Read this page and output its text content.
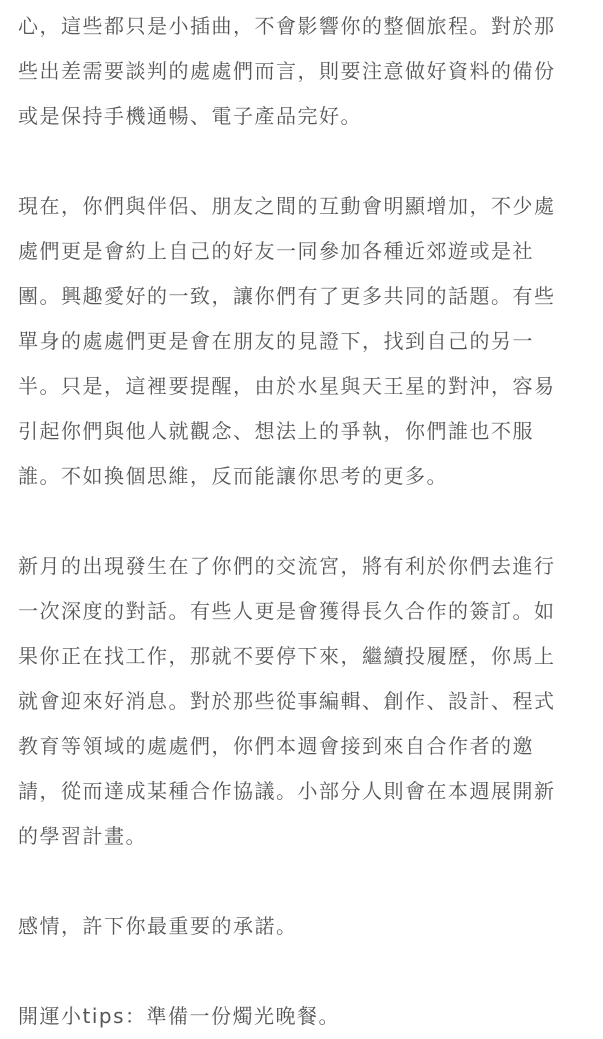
心，這些都只是小插曲，不會影響你的整個旅程。對於那
些出差需要談判的處處們而言，則要注意做好資料的備份
或是保持手機通暢、電子產品完好。
現在，你們與伴侶、朋友之間的互動會明顯增加，不少處
處們更是會約上自己的好友一同參加各種近郊遊或是社
團。興趣愛好的一致，讓你們有了更多共同的話題。有些
單身的處處們更是會在朋友的見證下，找到自己的另一
半。只是，這裡要提醒，由於水星與天王星的對沖，容易
引起你們與他人就觀念、想法上的爭執，你們誰也不服
誰。不如換個思維，反而能讓你思考的更多。
新月的出現發生在了你們的交流宮，將有利於你們去進行
一次深度的對話。有些人更是會獲得長久合作的簽訂。如
果你正在找工作，那就不要停下來，繼續投履歷，你馬上
就會迎來好消息。對於那些從事編輯、創作、設計、程式
教育等領域的處處們，你們本週會接到來自合作者的邀
請，從而達成某種合作協議。小部分人則會在本週展開新
的學習計畫。
感情，許下你最重要的承諾。
開運小tips：準備一份燭光晚餐。
